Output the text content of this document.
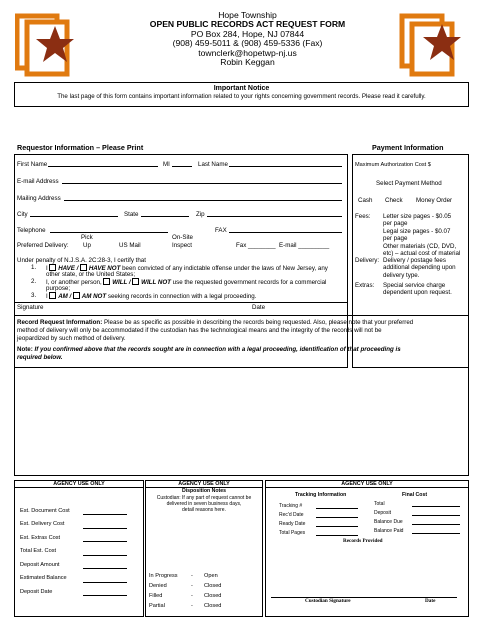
Hope Township
OPEN PUBLIC RECORDS ACT REQUEST FORM
PO Box 284, Hope, NJ 07844
(908) 459-5011 & (908) 459-5336 (Fax)
townclerk@hopetwp-nj.us
Robin Keggan
Important Notice
The last page of this form contains important information related to your rights concerning government records. Please read it carefully.
Requestor Information – Please Print	Payment Information
First Name	MI	Last Name
E-mail Address
Mailing Address
City	State	Zip
Telephone	FAX
Pick	On-Site
Preferred Delivery: Up	US Mail	Inspect	Fax ________ E-mail _________
Under penalty of N.J.S.A. 2C:28-3, I certify that
1. I HAVE / HAVE NOT been convicted of any indictable offense under the laws of New Jersey, any
other state, or the United States;
2. I, or another person, WILL / WILL NOT use the requested government records for a commercial
purpose;
3. I AM / AM NOT seeking records in connection with a legal proceeding.
Signature	Date
Maximum Authorization Cost $
Select Payment Method
Cash Check Money Order
Fees: Letter size pages - $0.05
per page
Legal size pages - $0.07
per page
Other materials (CD, DVD,
etc) – actual cost of material
Delivery: Delivery / postage fees
additional depending upon
delivery type.
Extras: Special service charge
dependent upon request.
Record Request Information: Please be as specific as possible in describing the records being requested. Also, please note that your preferred
method of delivery will only be accommodated if the custodian has the technological means and the integrity of the records will not be
jeopardized by such method of delivery.
Note: If you confirmed above that the records sought are in connection with a legal proceeding, identification of that proceeding is
required below.
AGENCY USE ONLY
Est. Document Cost
Est. Delivery Cost
Est. Extras Cost
Total Est. Cost
Deposit Amount
Estimated Balance
Deposit Date
AGENCY USE ONLY
Disposition Notes
Custodian: If any part of request cannot be
delivered in seven business days,
detail reasons here.
In Progress - Open
Denied	- Closed
Filled	- Closed
Partial	- Closed
AGENCY USE ONLY
Tracking Information	Final Cost
Tracking #
Rec'd Date
Ready Date
Total Pages
Total
Deposit
Balance Due
Balance Paid
Records Provided
Custodian Signature	Date
